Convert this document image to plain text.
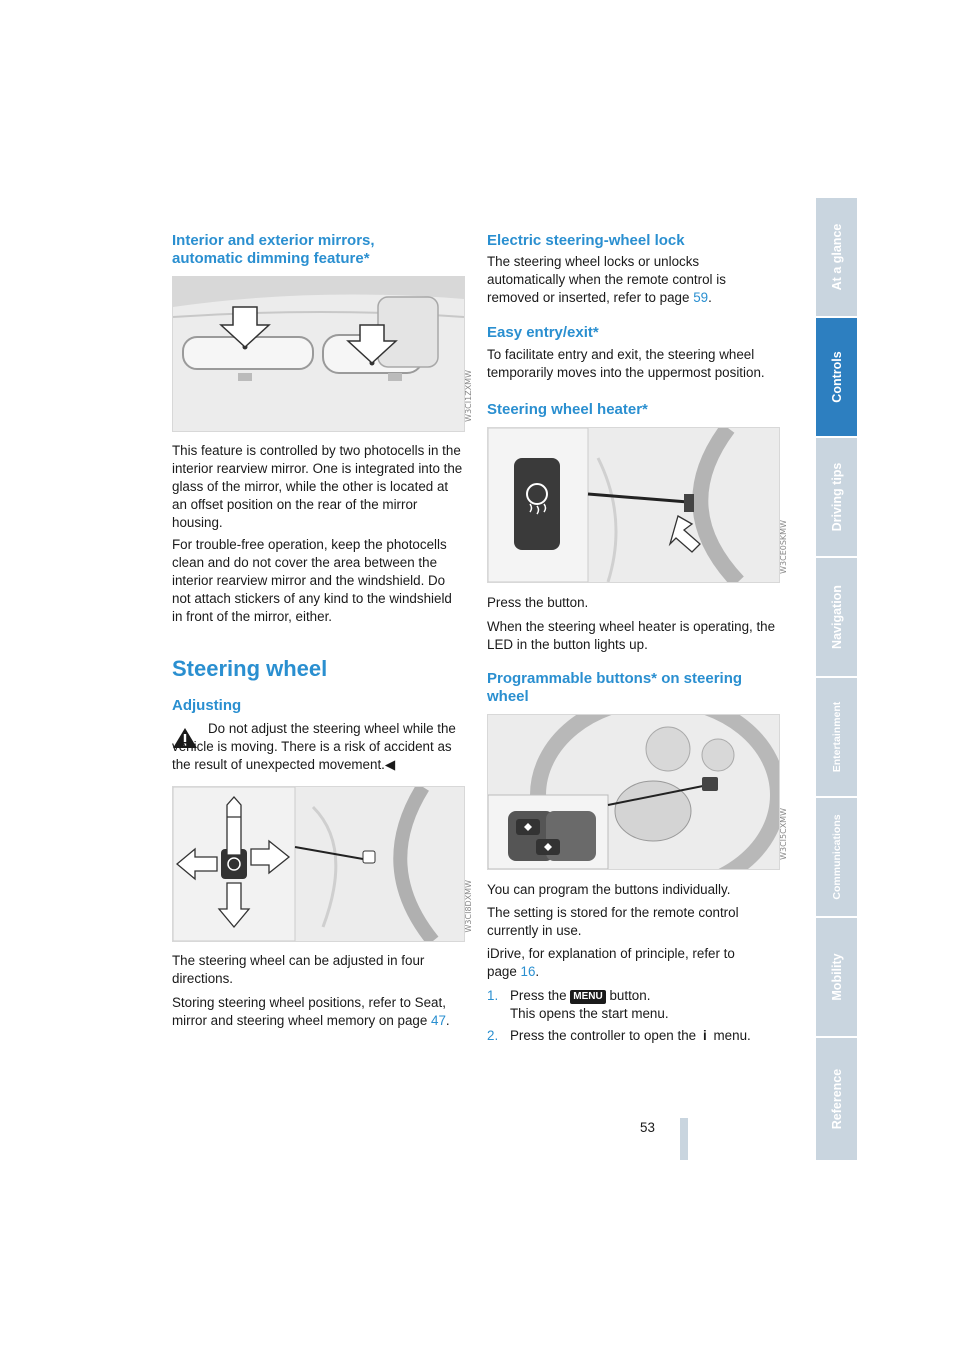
At a glance
Controls
Driving tips
Navigation
Entertainment
Communications
Mobility
Reference

Interior and exterior mirrors,

automatic dimming feature*

W3CI1ZXMW

This feature is controlled by two photocells in the interior rearview mirror. One is integrated into the glass of the mirror, while the other is located at an offset position on the rear of the mirror housing.

For trouble-free operation, keep the photocells clean and do not cover the area between the interior rearview mirror and the windshield. Do not attach stickers of any kind to the windshield in front of the mirror, either.

Steering wheel

Adjusting

Do not adjust the steering wheel while the vehicle is moving. There is a risk of accident as the result of unexpected movement.◀

W3CI8DXMW

The steering wheel can be adjusted in four directions.

Storing steering wheel positions, refer to Seat, mirror and steering wheel memory on page 47.

Electric steering-wheel lock

The steering wheel locks or unlocks automatically when the remote control is removed or inserted, refer to page 59.

Easy entry/exit*

To facilitate entry and exit, the steering wheel temporarily moves into the uppermost position.

Steering wheel heater*

W3CE0SKMW

Press the button.

When the steering wheel heater is operating, the LED in the button lights up.

Programmable buttons* on steering

wheel

W3CI5CXMW

You can program the buttons individually.

The setting is stored for the remote control currently in use.

iDrive, for explanation of principle, refer to page 16.

1. Press the MENU button.

This opens the start menu.

2. Press the controller to open the i menu.

53
